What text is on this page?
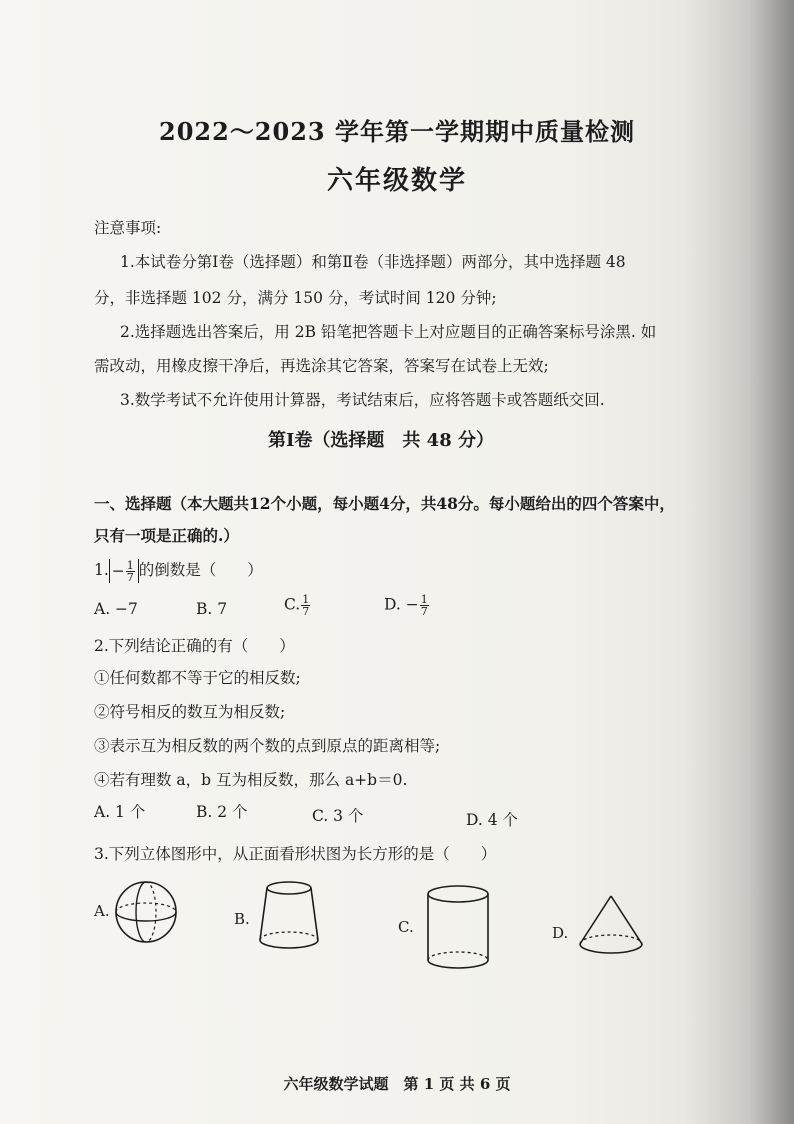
2022～2023 学年第一学期期中质量检测
六年级数学
注意事项:
1.本试卷分第Ⅰ卷（选择题）和第Ⅱ卷（非选择题）两部分，其中选择题 48
分，非选择题 102 分，满分 150 分，考试时间 120 分钟;
2.选择题选出答案后，用 2B 铅笔把答题卡上对应题目的正确答案标号涂黑. 如
需改动，用橡皮擦干净后，再选涂其它答案，答案写在试卷上无效;
3.数学考试不允许使用计算器，考试结束后，应将答题卡或答题纸交回.
第Ⅰ卷（选择题　共 48 分）
一、选择题（本大题共12个小题，每小题4分，共48分。每小题给出的四个答案中，
只有一项是正确的.）
1. − $\frac{1}{7}$ 的倒数是（　　）
A. −7	B. 7	C. $\frac{1}{7}$	D. − $\frac{1}{7}$
2.下列结论正确的有（　　）
①任何数都不等于它的相反数;
②符号相反的数互为相反数;
③表示互为相反数的两个数的点到原点的距离相等;
④若有理数 a，b 互为相反数，那么 a+b＝0.
A. 1 个	B. 2 个	C. 3 个	D. 4 个
3.下列立体图形中，从正面看形状图为长方形的是（　　）
A.	B.	C.	D.
六年级数学试题　第 1 页 共 6 页
